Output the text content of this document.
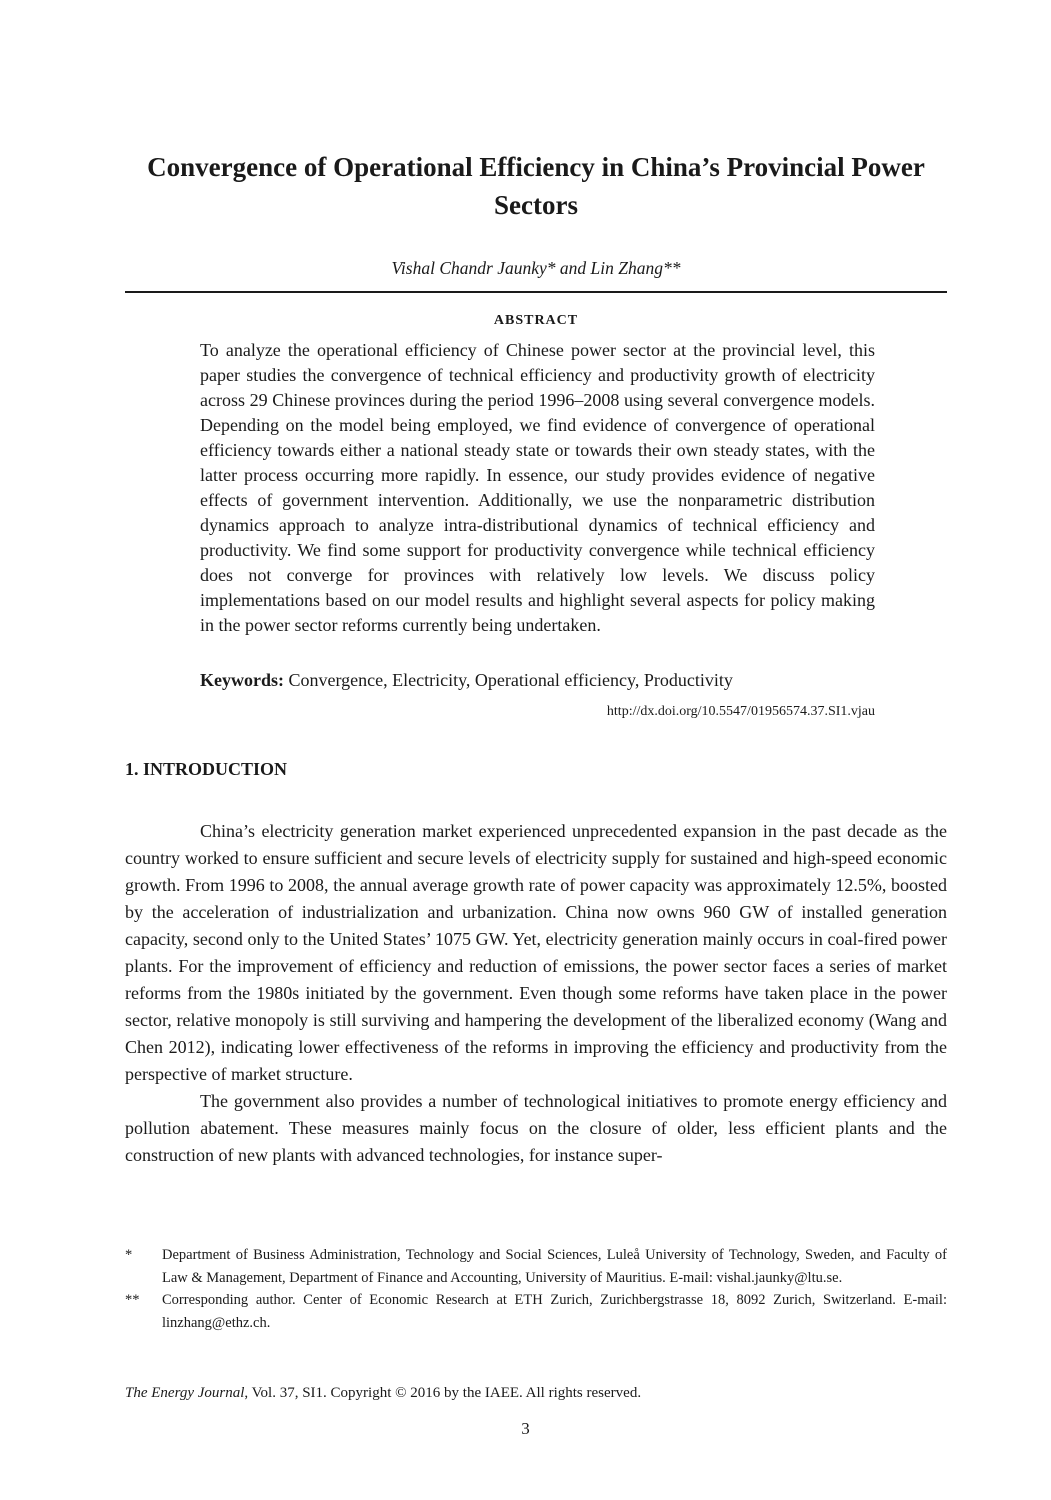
Convergence of Operational Efficiency in China’s Provincial Power Sectors
Vishal Chandr Jaunky* and Lin Zhang**
ABSTRACT
To analyze the operational efficiency of Chinese power sector at the provincial level, this paper studies the convergence of technical efficiency and productivity growth of electricity across 29 Chinese provinces during the period 1996–2008 using several convergence models. Depending on the model being employed, we find evidence of convergence of operational efficiency towards either a national steady state or towards their own steady states, with the latter process occurring more rapidly. In essence, our study provides evidence of negative effects of government intervention. Additionally, we use the nonparametric distribution dynamics approach to analyze intra-distributional dynamics of technical efficiency and productivity. We find some support for productivity convergence while technical efficiency does not converge for provinces with relatively low levels. We discuss policy implementations based on our model results and highlight several aspects for policy making in the power sector reforms currently being undertaken.
Keywords: Convergence, Electricity, Operational efficiency, Productivity
http://dx.doi.org/10.5547/01956574.37.SI1.vjau
1. INTRODUCTION

China’s electricity generation market experienced unprecedented expansion in the past decade as the country worked to ensure sufficient and secure levels of electricity supply for sustained and high-speed economic growth. From 1996 to 2008, the annual average growth rate of power capacity was approximately 12.5%, boosted by the acceleration of industrialization and urbanization. China now owns 960 GW of installed generation capacity, second only to the United States’ 1075 GW. Yet, electricity generation mainly occurs in coal-fired power plants. For the improvement of efficiency and reduction of emissions, the power sector faces a series of market reforms from the 1980s initiated by the government. Even though some reforms have taken place in the power sector, relative monopoly is still surviving and hampering the development of the liberalized economy (Wang and Chen 2012), indicating lower effectiveness of the reforms in improving the efficiency and productivity from the perspective of market structure.

The government also provides a number of technological initiatives to promote energy efficiency and pollution abatement. These measures mainly focus on the closure of older, less efficient plants and the construction of new plants with advanced technologies, for instance super-

* Department of Business Administration, Technology and Social Sciences, Luleå University of Technology, Sweden, and Faculty of Law & Management, Department of Finance and Accounting, University of Mauritius. E-mail: vishal.jaunky@ltu.se.
** Corresponding author. Center of Economic Research at ETH Zurich, Zurichbergstrasse 18, 8092 Zurich, Switzerland. E-mail: linzhang@ethz.ch.
The Energy Journal, Vol. 37, SI1. Copyright © 2016 by the IAEE. All rights reserved.
3
